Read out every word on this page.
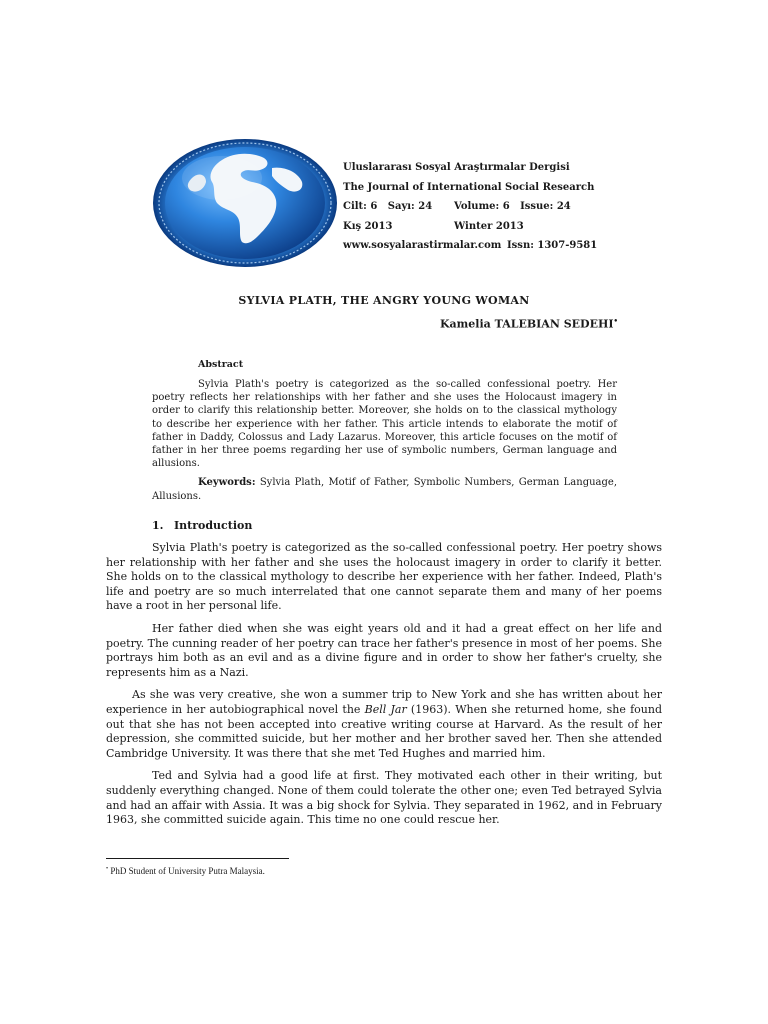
Uluslararası Sosyal Araştırmalar Dergisi
The Journal of International Social Research
Cilt: 6   Sayı: 24 Volume: 6   Issue: 24
Kış 2013	Winter 2013
www.sosyalarastirmalar.com Issn: 1307-9581
SYLVIA PLATH, THE ANGRY YOUNG WOMAN
Kamelia TALEBIAN SEDEHI•
Abstract

Sylvia Plath's poetry is categorized as the so-called confessional poetry. Her poetry reflects her relationships with her father and she uses the Holocaust imagery in order to clarify this relationship better. Moreover, she holds on to the classical mythology to describe her experience with her father. This article intends to elaborate the motif of father in Daddy, Colossus and Lady Lazarus. Moreover, this article focuses on the motif of father in her three poems regarding her use of symbolic numbers, German language and allusions.

Keywords: Sylvia Plath, Motif of Father, Symbolic Numbers, German Language, Allusions.

1. Introduction

Sylvia Plath's poetry is categorized as the so-called confessional poetry. Her poetry shows her relationship with her father and she uses the holocaust imagery in order to clarify it better. She holds on to the classical mythology to describe her experience with her father. Indeed, Plath's life and poetry are so much interrelated that one cannot separate them and many of her poems have a root in her personal life.

Her father died when she was eight years old and it had a great effect on her life and poetry. The cunning reader of her poetry can trace her father's presence in most of her poems. She portrays him both as an evil and as a divine figure and in order to show her father's cruelty, she represents him as a Nazi.

As she was very creative, she won a summer trip to New York and she has written about her experience in her autobiographical novel the Bell Jar (1963). When she returned home, she found out that she has not been accepted into creative writing course at Harvard. As the result of her depression, she committed suicide, but her mother and her brother saved her. Then she attended Cambridge University. It was there that she met Ted Hughes and married him.

Ted and Sylvia had a good life at first. They motivated each other in their writing, but suddenly everything changed. None of them could tolerate the other one; even Ted betrayed Sylvia and had an affair with Assia. It was a big shock for Sylvia. They separated in 1962, and in February 1963, she committed suicide again. This time no one could rescue her.

• PhD Student of University Putra Malaysia.
